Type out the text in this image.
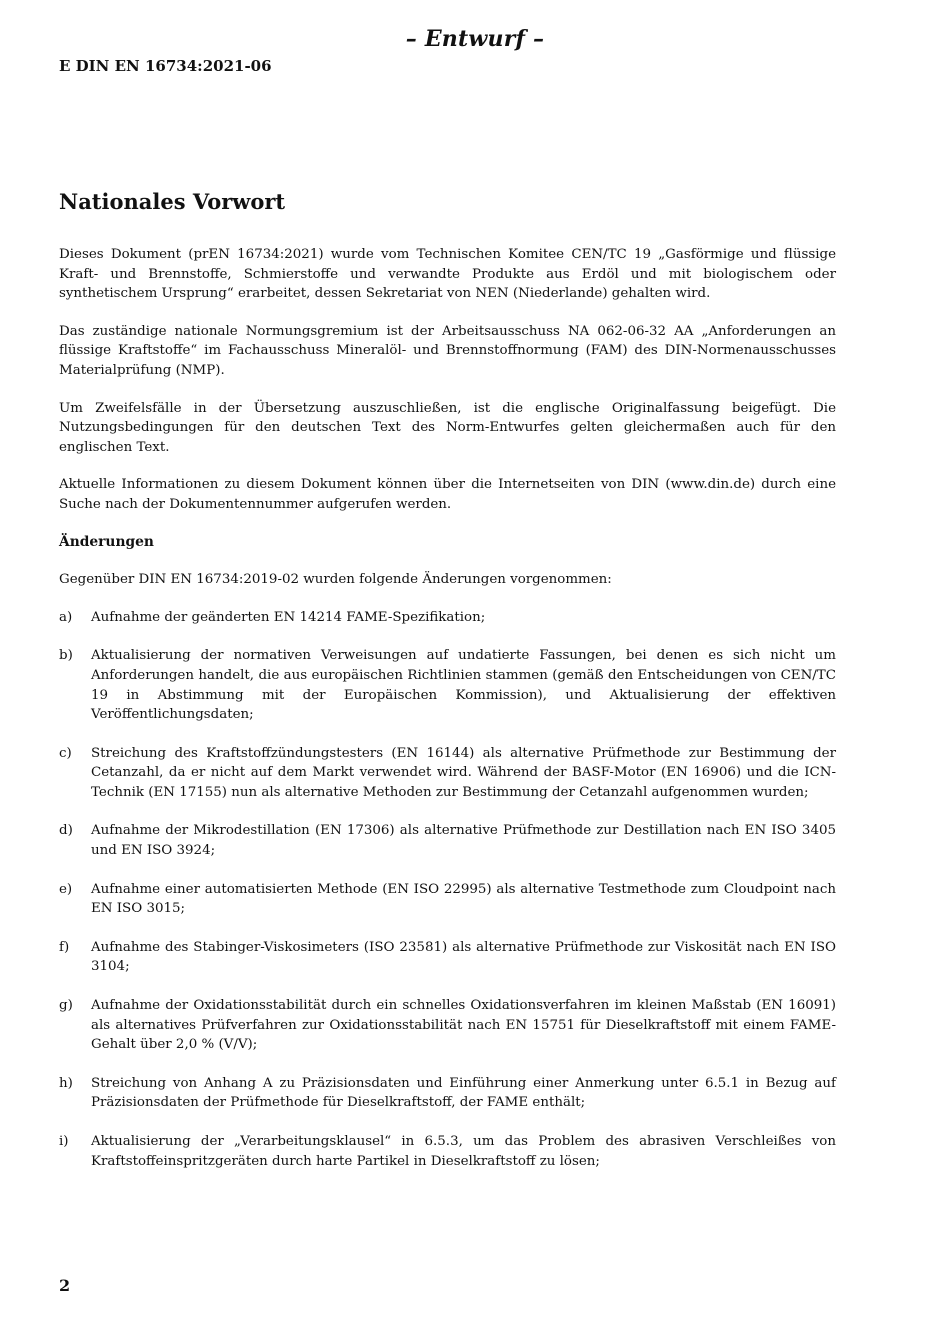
– Entwurf –
E DIN EN 16734:2021-06
Nationales Vorwort

Dieses Dokument (prEN 16734:2021) wurde vom Technischen Komitee CEN/TC 19 „Gasförmige und flüssige Kraft- und Brennstoffe, Schmierstoffe und verwandte Produkte aus Erdöl und mit biologischem oder synthetischem Ursprung“ erarbeitet, dessen Sekretariat von NEN (Niederlande) gehalten wird.

Das zuständige nationale Normungsgremium ist der Arbeitsausschuss NA 062-06-32 AA „Anforderungen an flüssige Kraftstoffe“ im Fachausschuss Mineralöl- und Brennstoffnormung (FAM) des DIN-Normenausschusses Materialprüfung (NMP).

Um Zweifelsfälle in der Übersetzung auszuschließen, ist die englische Originalfassung beigefügt. Die Nutzungsbedingungen für den deutschen Text des Norm-Entwurfes gelten gleichermaßen auch für den englischen Text.

Aktuelle Informationen zu diesem Dokument können über die Internetseiten von DIN (www.din.de) durch eine Suche nach der Dokumentennummer aufgerufen werden.

Änderungen

Gegenüber DIN EN 16734:2019-02 wurden folgende Änderungen vorgenommen:

a)	Aufnahme der geänderten EN 14214 FAME-Spezifikation;
b)	Aktualisierung der normativen Verweisungen auf undatierte Fassungen, bei denen es sich nicht um Anforderungen handelt, die aus europäischen Richtlinien stammen (gemäß den Entscheidungen von CEN/TC 19 in Abstimmung mit der Europäischen Kommission), und Aktualisierung der effektiven Veröffentlichungsdaten;
c)	Streichung des Kraftstoffzündungstesters (EN 16144) als alternative Prüfmethode zur Bestimmung der Cetanzahl, da er nicht auf dem Markt verwendet wird. Während der BASF-Motor (EN 16906) und die ICN-Technik (EN 17155) nun als alternative Methoden zur Bestimmung der Cetanzahl aufgenommen wurden;
d)	Aufnahme der Mikrodestillation (EN 17306) als alternative Prüfmethode zur Destillation nach EN ISO 3405 und EN ISO 3924;
e)	Aufnahme einer automatisierten Methode (EN ISO 22995) als alternative Testmethode zum Cloudpoint nach EN ISO 3015;
f)	Aufnahme des Stabinger-Viskosimeters (ISO 23581) als alternative Prüfmethode zur Viskosität nach EN ISO 3104;
g)	Aufnahme der Oxidationsstabilität durch ein schnelles Oxidationsverfahren im kleinen Maßstab (EN 16091) als alternatives Prüfverfahren zur Oxidationsstabilität nach EN 15751 für Dieselkraftstoff mit einem FAME-Gehalt über 2,0 % (V/V);
h)	Streichung von Anhang A zu Präzisionsdaten und Einführung einer Anmerkung unter 6.5.1 in Bezug auf Präzisionsdaten der Prüfmethode für Dieselkraftstoff, der FAME enthält;
i)	Aktualisierung der „Verarbeitungsklausel“ in 6.5.3, um das Problem des abrasiven Verschleißes von Kraftstoffeinspritzgeräten durch harte Partikel in Dieselkraftstoff zu lösen;
2
